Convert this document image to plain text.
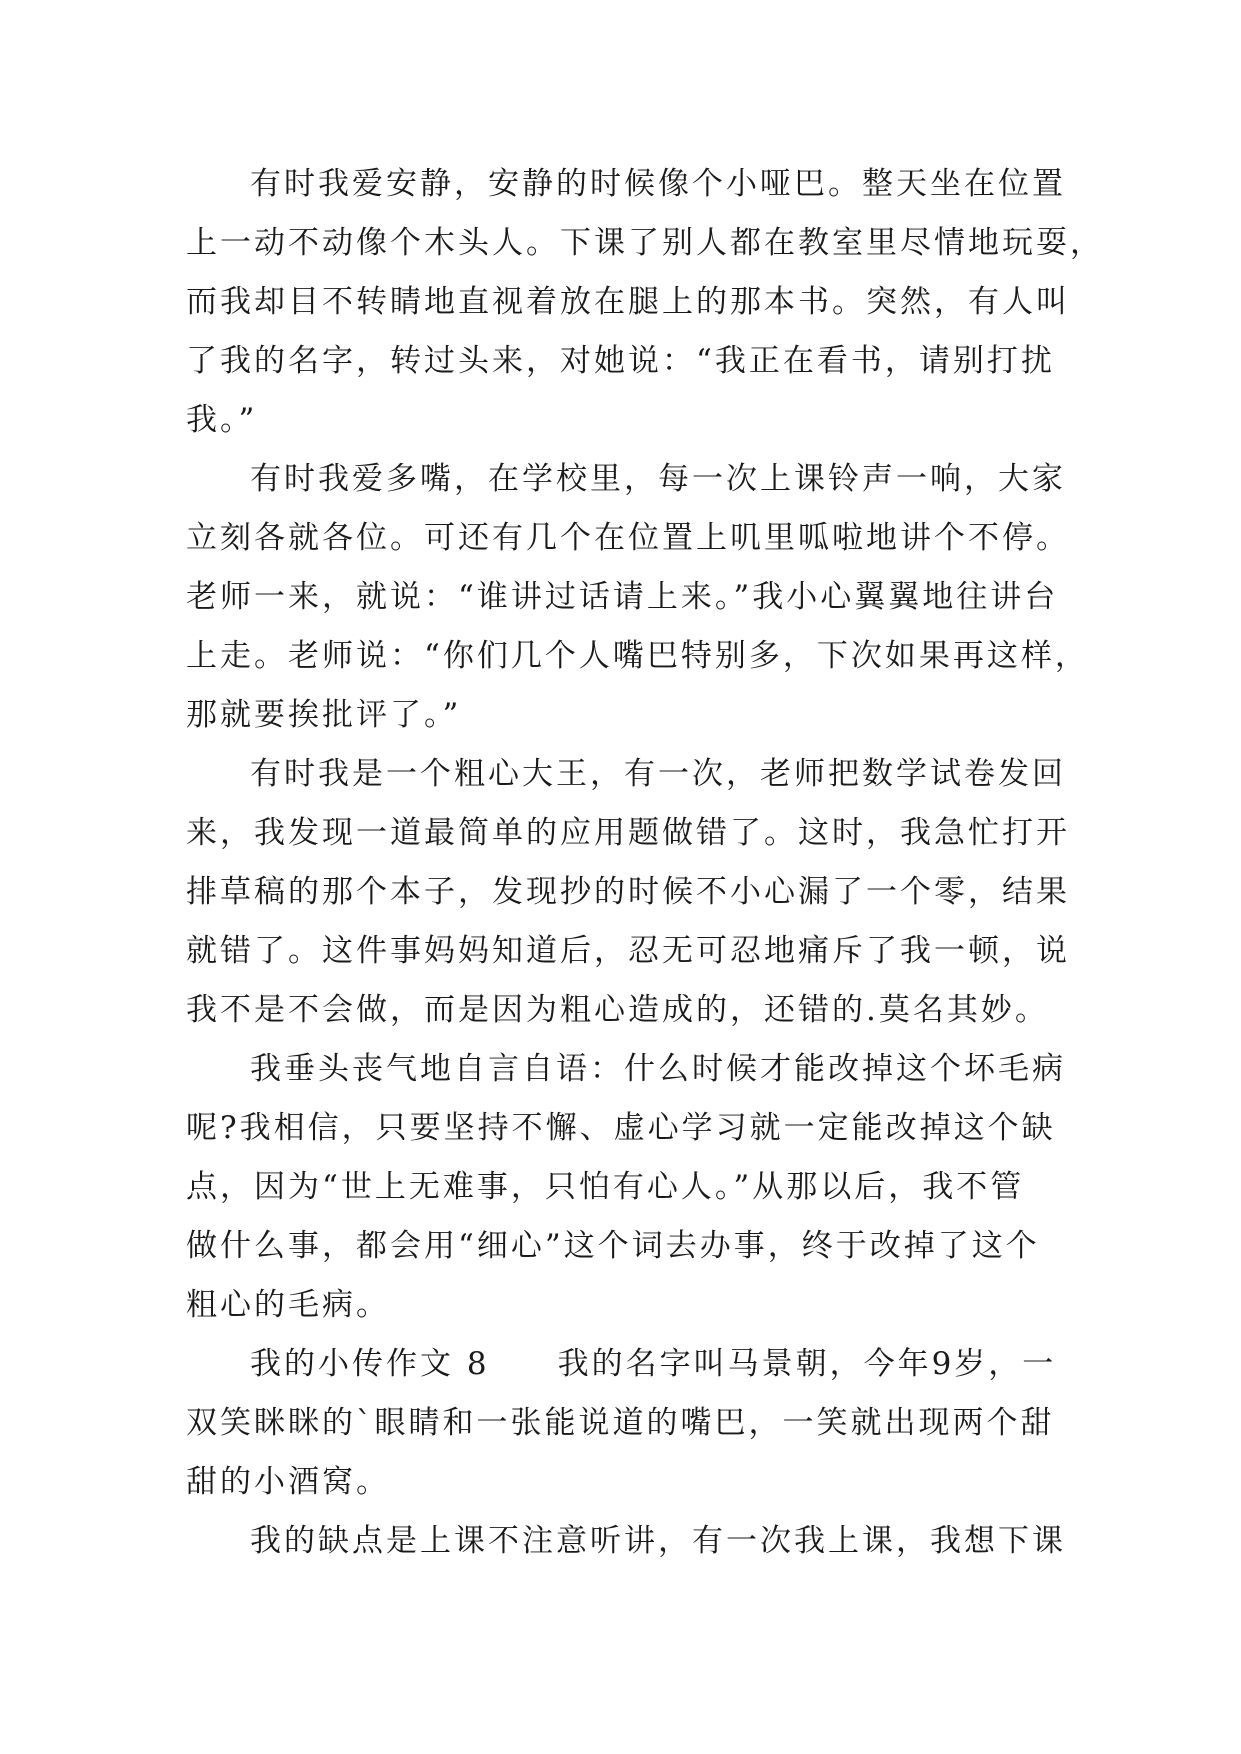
有时我爱安静，安静的时候像个小哑巴。整天坐在位置
上一动不动像个木头人。下课了别人都在教室里尽情地玩耍，
而我却目不转睛地直视着放在腿上的那本书。突然，有人叫
了我的名字，转过头来，对她说：“我正在看书，请别打扰
我。”
有时我爱多嘴，在学校里，每一次上课铃声一响，大家
立刻各就各位。可还有几个在位置上叽里呱啦地讲个不停。
老师一来，就说：“谁讲过话请上来。”我小心翼翼地往讲台
上走。老师说：“你们几个人嘴巴特别多，下次如果再这样，
那就要挨批评了。”
有时我是一个粗心大王，有一次，老师把数学试卷发回
来，我发现一道最简单的应用题做错了。这时，我急忙打开
排草稿的那个本子，发现抄的时候不小心漏了一个零，结果
就错了。这件事妈妈知道后，忍无可忍地痛斥了我一顿，说
我不是不会做，而是因为粗心造成的，还错的.莫名其妙。
我垂头丧气地自言自语：什么时候才能改掉这个坏毛病
呢?我相信，只要坚持不懈、虚心学习就一定能改掉这个缺
点，因为“世上无难事，只怕有心人。”从那以后，我不管
做什么事，都会用“细心”这个词去办事，终于改掉了这个
粗心的毛病。
我的小传作文 8　　我的名字叫马景朝，今年9岁，一
双笑眯眯的`眼睛和一张能说道的嘴巴，一笑就出现两个甜
甜的小酒窝。
我的缺点是上课不注意听讲，有一次我上课，我想下课
